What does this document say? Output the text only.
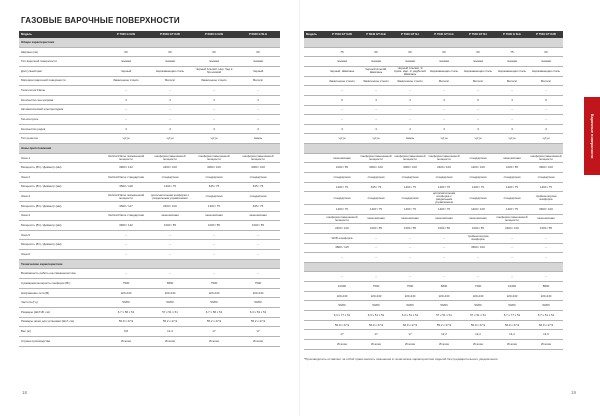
ГАЗОВЫЕ ВАРОЧНЫЕ ПОВЕРХНОСТИ
Модель	P 7040 G N-W	P 6040 GT N-W	P 6040 G N-W	P 6040 G W-G
Общие характеристики				
Ширина (см)	60	60	60	60
Тип варочной поверхности	газовая	газовая	газовая	газовая
Доступный цвет	Черный	Нержавеющая сталь	Черный Альпий, Нер. бед в бронзовой	Черный
Материал варочной поверхности	Закаленное стекло	Металл	Закаленное стекло	Металл
Технология Flame	–	–	–	–
Количество зон нагрева	4	4	4	4
Автоматический электроподжиг	–	–	–	–
Газ-контроль	–	–	–	–
Количество рядов	4	3	3	3
Тип решеток	чугун	чугун	чугун	эмаль
Зоны приготовления				
Зона 1	Vertical Flame повышенной мощности	конфорка повышенной мощности	конфорка повышенной мощности	конфорка повышенной мощности
Мощность (Вт) / Диаметр (мм)	3900 / 122	2400 / 100	3000 / 100	3000 / 100
Зона 2	Vertical Flame стандартная	стандартная	стандартная	стандартная
Мощность (Вт) / Диаметр (мм)	3600 / 118	1400 / 75	645 / 75	645 / 75
Зона 3	Vertical Flame повышенной мощности	дополнительная конфорка с раздельным управлением	стандартная	стандартная
Мощность (Вт) / Диаметр (мм)	3600 / 117	2400 / 100	1400 / 75	645 / 75
Зона 4	Vertical Flame стандартная	экономичная	экономичная	экономичная
Мощность (Вт) / Диаметр (мм)	3900 / 122	1000 / 55	1000 / 55	1000 / 55
Зона 5	–	–	–	–
Мощность (Вт) / Диаметр (мм)	–	–	–	–
Зона 6	–	–	–	–
Технические характеристики				
Возможность работы на сжиженном газе	–	–	–	–
Суммарная мощность конфорок (Вт)	7500	6800	7500	7500
Напряжение сети (В)	220-240	220-240	220-240	220-240
Частота (Гц)	50/60	50/60	50/60	50/60
Размеры (ШхГхВ, см)	6,7 х 58 х 51	57 х 51 х 51	6,7 х 58 х 51	6,3 х 53 х 51
Размеры ниши для установки (ШхГ, см)	56,9 х 47,9	55,2 х 47,9	55,2 х 47,9	55,2 х 47,9
Вес (кг)	9,8	12,4	17	17
Страна производства	Италия	Италия	Италия	Италия
Модель	P 7540 GT N-W	P 6040 GT N-B	P 7040 GT N-I	P 7040 GT N-G	P 7540 GT N-I	P 7040 G N-G	P 7540 GT N-W

	75	60	60	60	60	75	60
	газовая	газовая	газовая	газовая	газовая	газовая	газовая
	Черный, Шампань	Черный Альпий, Шампань	Черный Альпий, Э Крем. Нер. /с радбелей Шампань	Нержавеющая сталь	Нержавеющая сталь	Нержавеющая сталь	Нержавеющая сталь
	Закаленное стекло	Закаленное стекло	Закаленное стекло	Металл	Металл	Металл	Металл
	–	–	–	–	–	–	–
	5	4	4	4	5	4	5
	–	–	–	–	–	–	–
	–	–	–	–	–	–	–
	3	4	4	3	3	3	3
	чугун	чугун	эмаль	чугун	чугун	чугун	чугун

	экономичная	конфорка повышенной мощности	конфорка повышенной мощности	конфорка повышенной мощности	стандартная	экономичная	конфорка повышенной мощности
	1000 / 55	3000 / 100	3000 / 100	2400 / 100	1400 / 100	1000 / 55	3600 / 100
	стандартная	стандартная	стандартная	стандартная	стандартная	стандартная	стандартная
	1400 / 75	645 / 75	1400 / 75	1400 / 75	1400 / 75	1400 / 75	1400 / 75
	стандартная	стандартная	стандартная	дополнительная конфорка с раздельным управлением	стандартная	стандартная	тройная корона вокфорка
	1400 / 75	1400 / 75	1400 / 75	1400 / 75	1400 / 100	1400 / 75	3600 / 100
	конфорка повышенной мощности	экономичная	экономичная	экономичная	экономичная	конфорка повышенной мощности	экономичная
	2400 / 100	1000 / 55	1000 / 55	1000 / 55	1000 / 55	2400 / 100	1000 / 55
	WOK-конфорка	–	–	–	тройная корона вокфорка	–	–
	3800 / 115	–	–	–	3600 / 100	–	–
	–	–	–	–	–	–	–

	–	–	–	–	–	–	–
	10400	7500	7500	6800	7300	10400	8800
	220-240	220-240	220-240	220-240	220-240	220-240	220-240
	50/60	50/60	50/60	50/60	50/60	50/60	50/60
	6,3 х 77 х 51	6,3 х 51 х 51	6,3 х 51 х 51	57 х 51 х 51	57 х 51 х 51	5,7 х 77 х 51	5,7 х 51 х 51
	56,9 х 47,9	56,9 х 47,9	56,9 х 47,9	55,2 х 47,9	56,9 х 47,9	56,9 х 47,9	56,9 х 47,9
	17	17	17	12,2	12,2	14,2	14,6
	Италия	Италия	Италия	Италия	Италия	Италия	Италия
*Производитель оставляет за собой право вносить изменения в технические характеристики изделий без предварительного уведомления
18	19
Варочные поверхности
